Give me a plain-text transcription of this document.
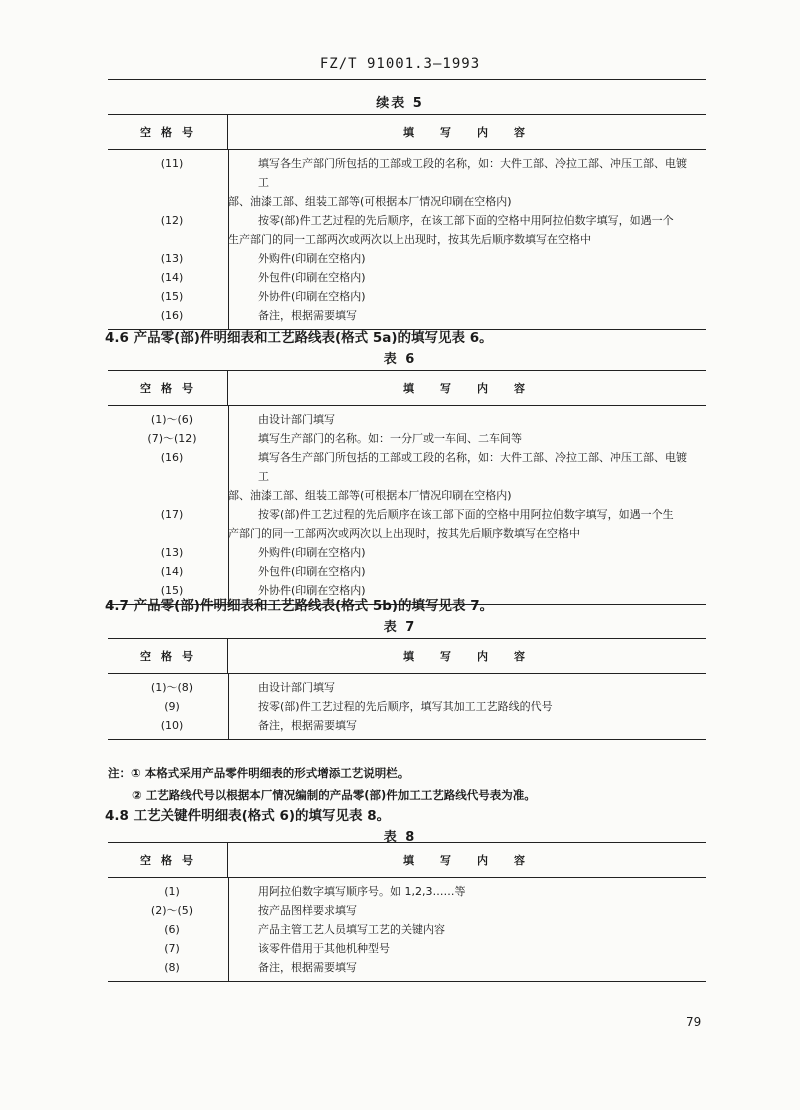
FZ/T 91001.3—1993
续表 5
空格号	填写内容
(11)	填写各生产部门所包括的工部或工段的名称，如：大件工部、冷拉工部、冲压工部、电镀工
部、油漆工部、组装工部等(可根据本厂情况印刷在空格内)
(12)	按零(部)件工艺过程的先后顺序，在该工部下面的空格中用阿拉伯数字填写，如遇一个
生产部门的同一工部两次或两次以上出现时，按其先后顺序数填写在空格中
(13)	外购件(印刷在空格内)
(14)	外包件(印刷在空格内)
(15)	外协件(印刷在空格内)
(16)	备注，根据需要填写
4.6 产品零(部)件明细表和工艺路线表(格式 5a)的填写见表 6。
表 6
空格号	填写内容
(1)～(6)	由设计部门填写
(7)～(12)	填写生产部门的名称。如：一分厂或一车间、二车间等
(16)	填写各生产部门所包括的工部或工段的名称，如：大件工部、冷拉工部、冲压工部、电镀工
部、油漆工部、组装工部等(可根据本厂情况印刷在空格内)
(17)	按零(部)件工艺过程的先后顺序在该工部下面的空格中用阿拉伯数字填写，如遇一个生
产部门的同一工部两次或两次以上出现时，按其先后顺序数填写在空格中
(13)	外购件(印刷在空格内)
(14)	外包件(印刷在空格内)
(15)	外协件(印刷在空格内)
4.7 产品零(部)件明细表和工艺路线表(格式 5b)的填写见表 7。
表 7
空格号	填写内容
(1)～(8)	由设计部门填写
(9)	按零(部)件工艺过程的先后顺序，填写其加工工艺路线的代号
(10)	备注，根据需要填写
注：① 本格式采用产品零件明细表的形式增添工艺说明栏。
② 工艺路线代号以根据本厂情况编制的产品零(部)件加工工艺路线代号表为准。
4.8 工艺关键件明细表(格式 6)的填写见表 8。
表 8
空格号	填写内容
(1)	用阿拉伯数字填写顺序号。如 1,2,3……等
(2)～(5)	按产品图样要求填写
(6)	产品主管工艺人员填写工艺的关键内容
(7)	该零件借用于其他机种型号
(8)	备注，根据需要填写
79
